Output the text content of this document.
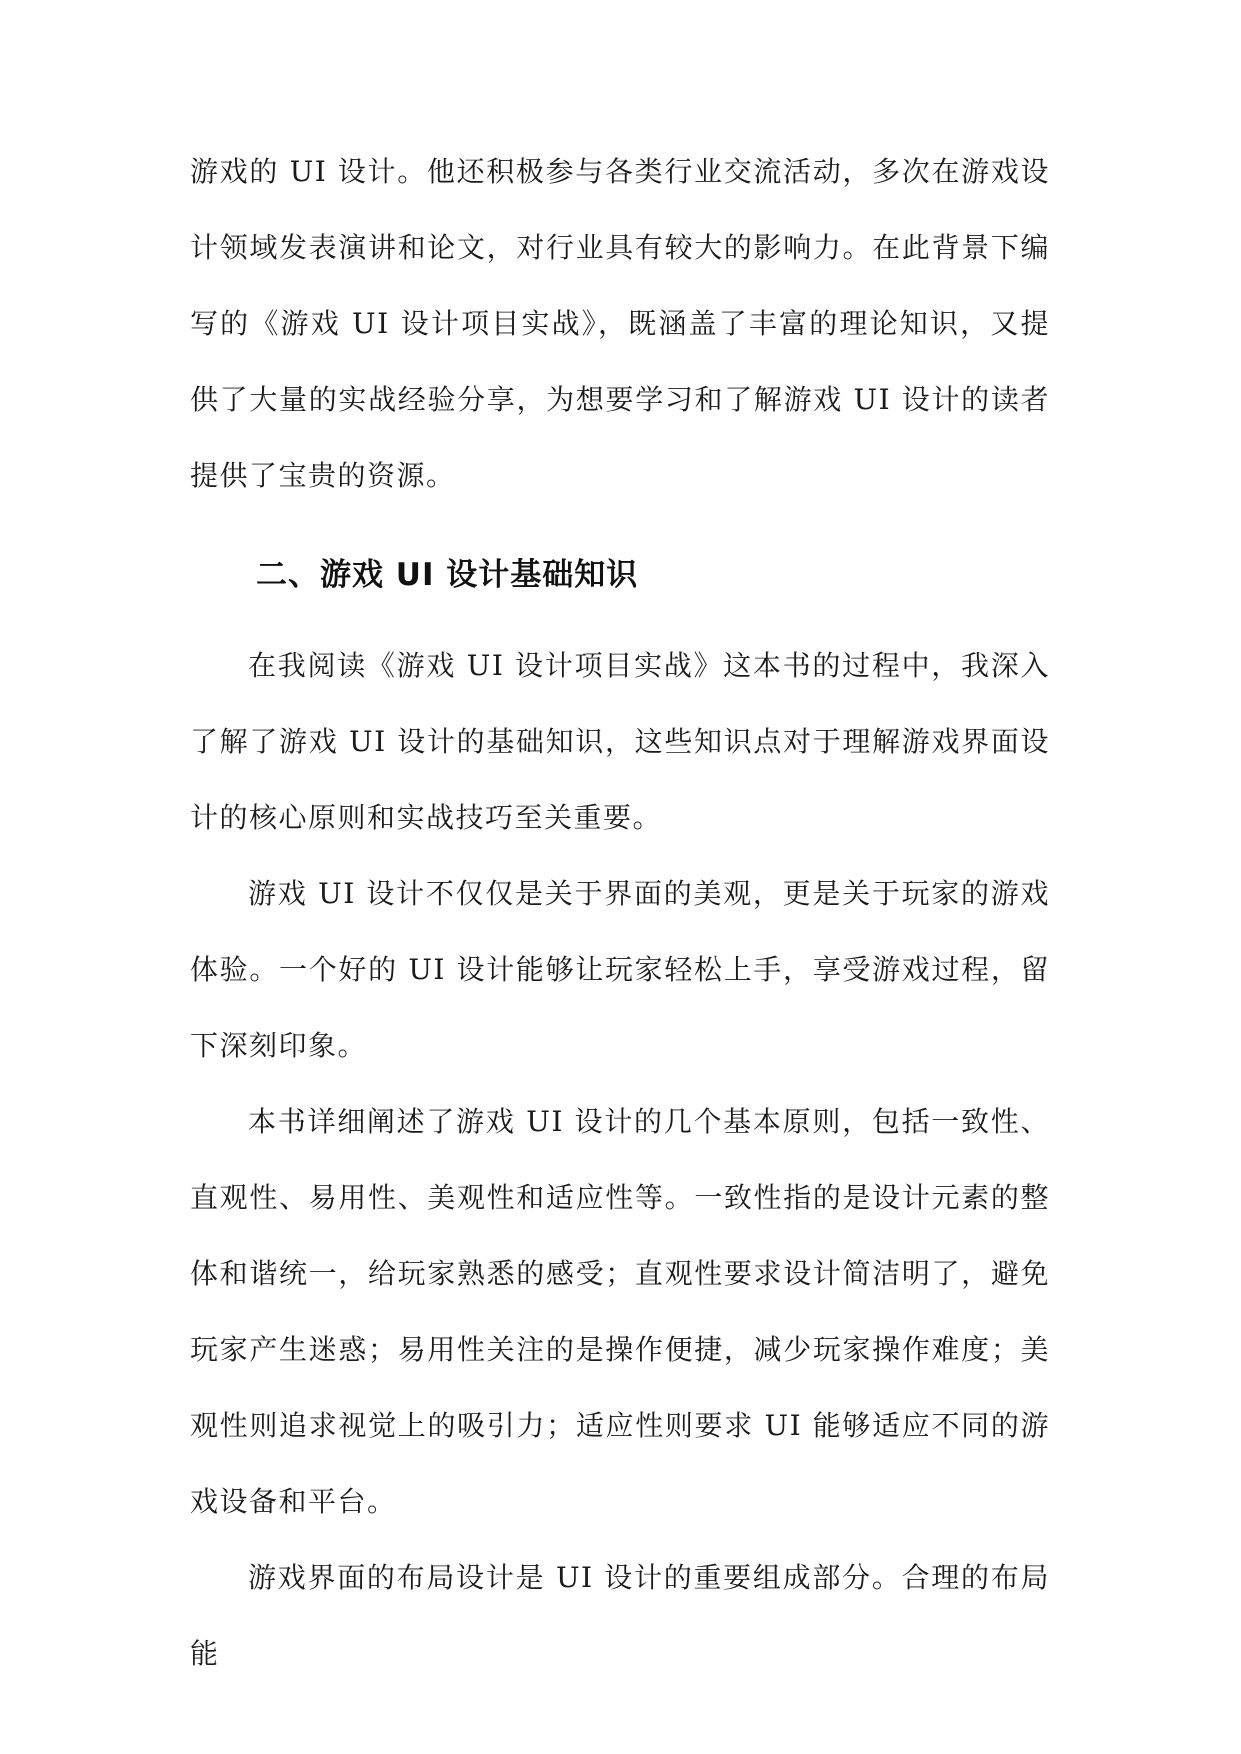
游戏的 UI 设计。他还积极参与各类行业交流活动，多次在游戏设计领域发表演讲和论文，对行业具有较大的影响力。在此背景下编写的《游戏 UI 设计项目实战》，既涵盖了丰富的理论知识，又提供了大量的实战经验分享，为想要学习和了解游戏 UI 设计的读者提供了宝贵的资源。

二、游戏 UI 设计基础知识

在我阅读《游戏 UI 设计项目实战》这本书的过程中，我深入了解了游戏 UI 设计的基础知识，这些知识点对于理解游戏界面设计的核心原则和实战技巧至关重要。

游戏 UI 设计不仅仅是关于界面的美观，更是关于玩家的游戏体验。一个好的 UI 设计能够让玩家轻松上手，享受游戏过程，留下深刻印象。

本书详细阐述了游戏 UI 设计的几个基本原则，包括一致性、直观性、易用性、美观性和适应性等。一致性指的是设计元素的整体和谐统一，给玩家熟悉的感受；直观性要求设计简洁明了，避免玩家产生迷惑；易用性关注的是操作便捷，减少玩家操作难度；美观性则追求视觉上的吸引力；适应性则要求 UI 能够适应不同的游戏设备和平台。

游戏界面的布局设计是 UI 设计的重要组成部分。合理的布局能
